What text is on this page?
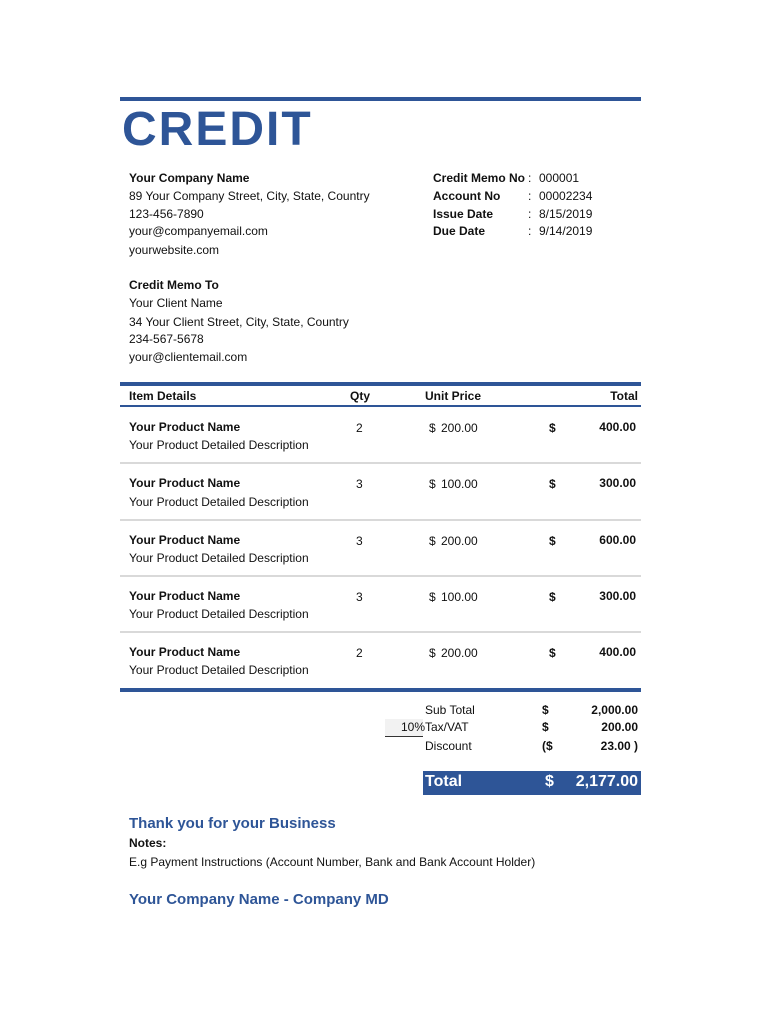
CREDIT
Your Company Name
89 Your Company Street, City, State, Country
123-456-7890
your@companyemail.com
yourwebsite.com
Credit Memo No : 000001
Account No : 00002234
Issue Date	: 8/15/2019
Due Date	: 9/14/2019
Credit Memo To
Your Client Name
34 Your Client Street, City, State, Country
234-567-5678
your@clientemail.com
Item Details	Qty	Unit Price	Total
Your Product Name
Your Product Detailed Description
2	$ 200.00	$	400.00
Your Product Name
Your Product Detailed Description
3	$ 100.00	$	300.00
Your Product Name
Your Product Detailed Description
3	$ 200.00	$	600.00
Your Product Name
Your Product Detailed Description
3	$ 100.00	$	300.00
Your Product Name
Your Product Detailed Description
2	$ 200.00	$	400.00
Sub Total	$	2,000.00
10% Tax/VAT	$	200.00
Discount	($	23.00 )
Total	$ 2,177.00
Thank you for your Business
Notes:
E.g Payment Instructions (Account Number, Bank and Bank Account Holder)
Your Company Name - Company MD
